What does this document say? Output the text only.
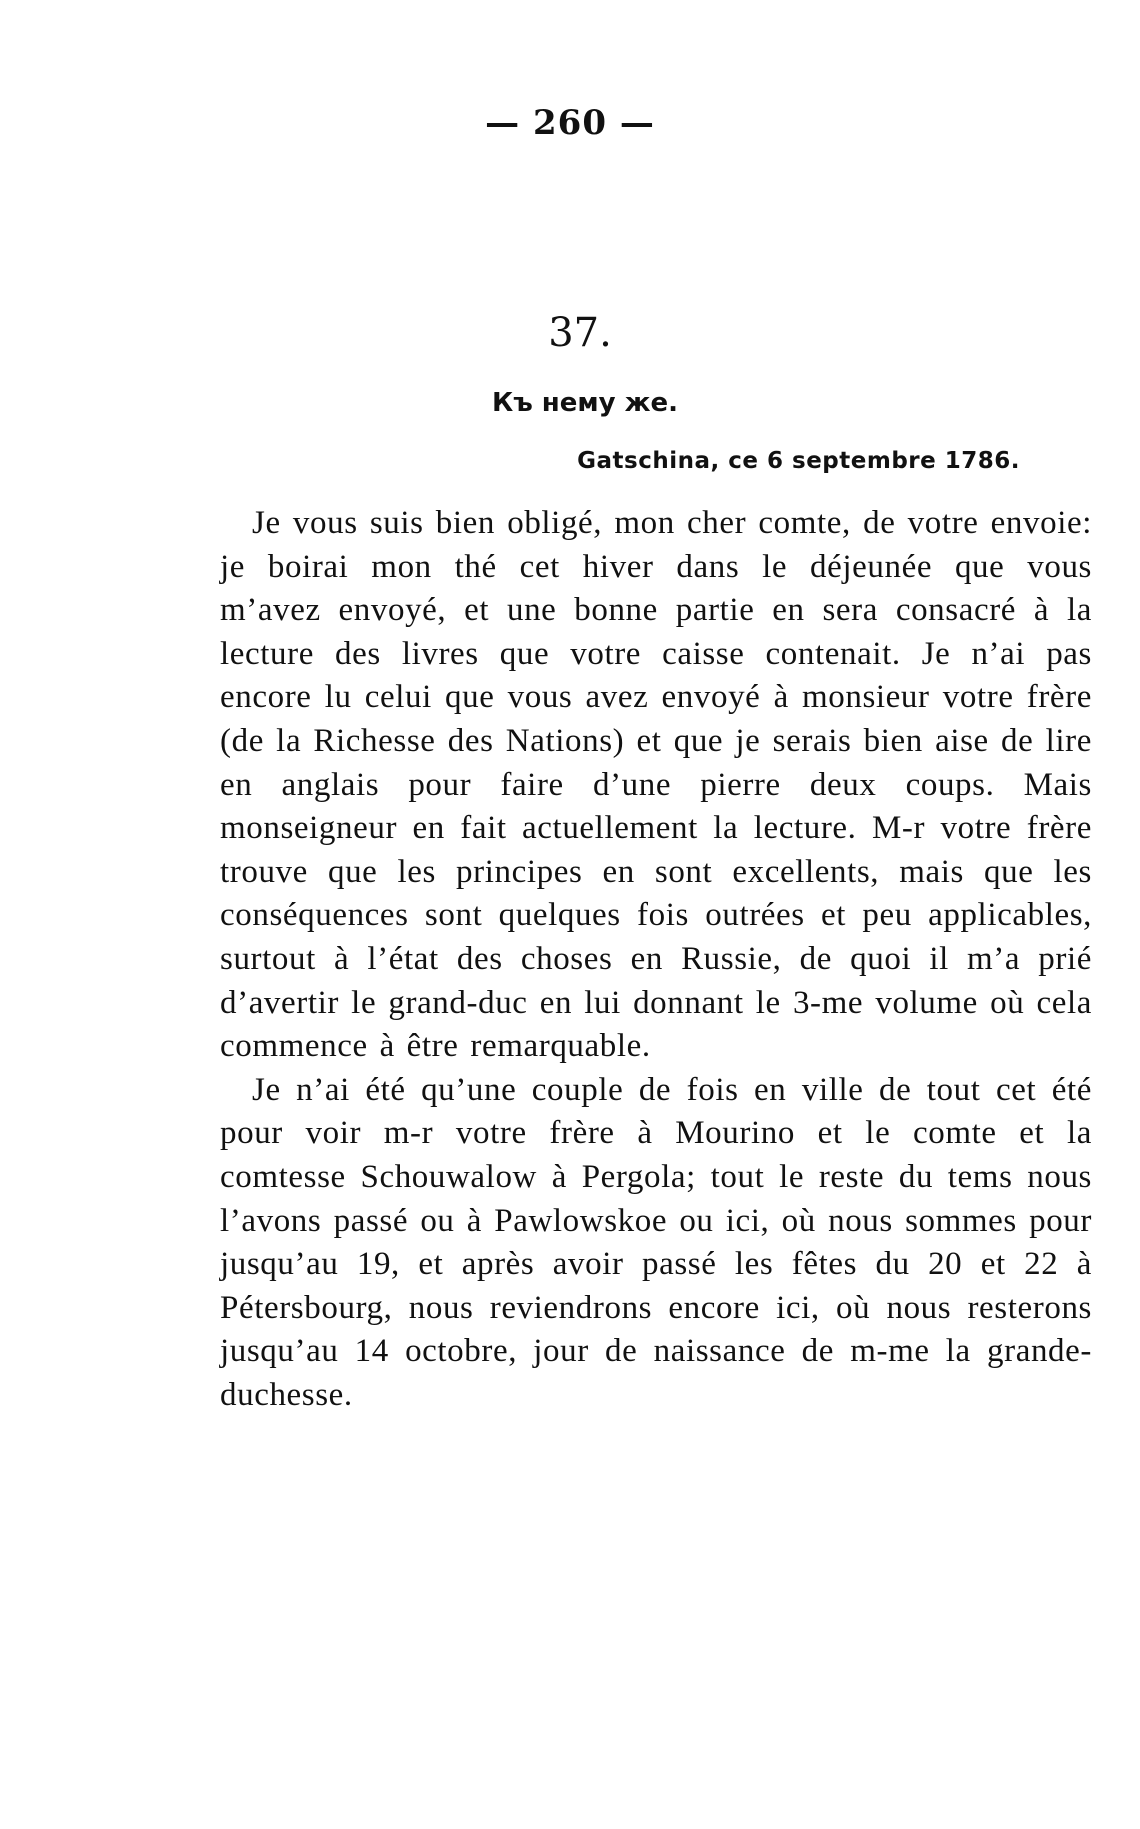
— 260 —
37.
Къ нему же.
Gatschina, ce 6 septembre 1786.

Je vous suis bien obligé, mon cher comte, de votre envoie: je boirai mon thé cet hiver dans le déjeunée que vous m’avez envoyé, et une bonne partie en sera consacré à la lecture des livres que votre caisse contenait. Je n’ai pas encore lu celui que vous avez envoyé à monsieur votre frère (de la Richesse des Nations) et que je serais bien aise de lire en anglais pour faire d’une pierre deux coups. Mais monseigneur en fait actuellement la lecture. M-r votre frère trouve que les principes en sont excellents, mais que les conséquences sont quelques fois outrées et peu applicables, surtout à l’état des choses en Russie, de quoi il m’a prié d’avertir le grand-duc en lui donnant le 3-me volume où cela commence à être remarquable.

Je n’ai été qu’une couple de fois en ville de tout cet été pour voir m-r votre frère à Mourino et le comte et la comtesse Schouwalow à Pergola; tout le reste du tems nous l’avons passé ou à Pawlowskoe ou ici, où nous sommes pour jusqu’au 19, et après avoir passé les fêtes du 20 et 22 à Pétersbourg, nous reviendrons encore ici, où nous resterons jusqu’au 14 octobre, jour de naissance de m-me la grande-duchesse.
